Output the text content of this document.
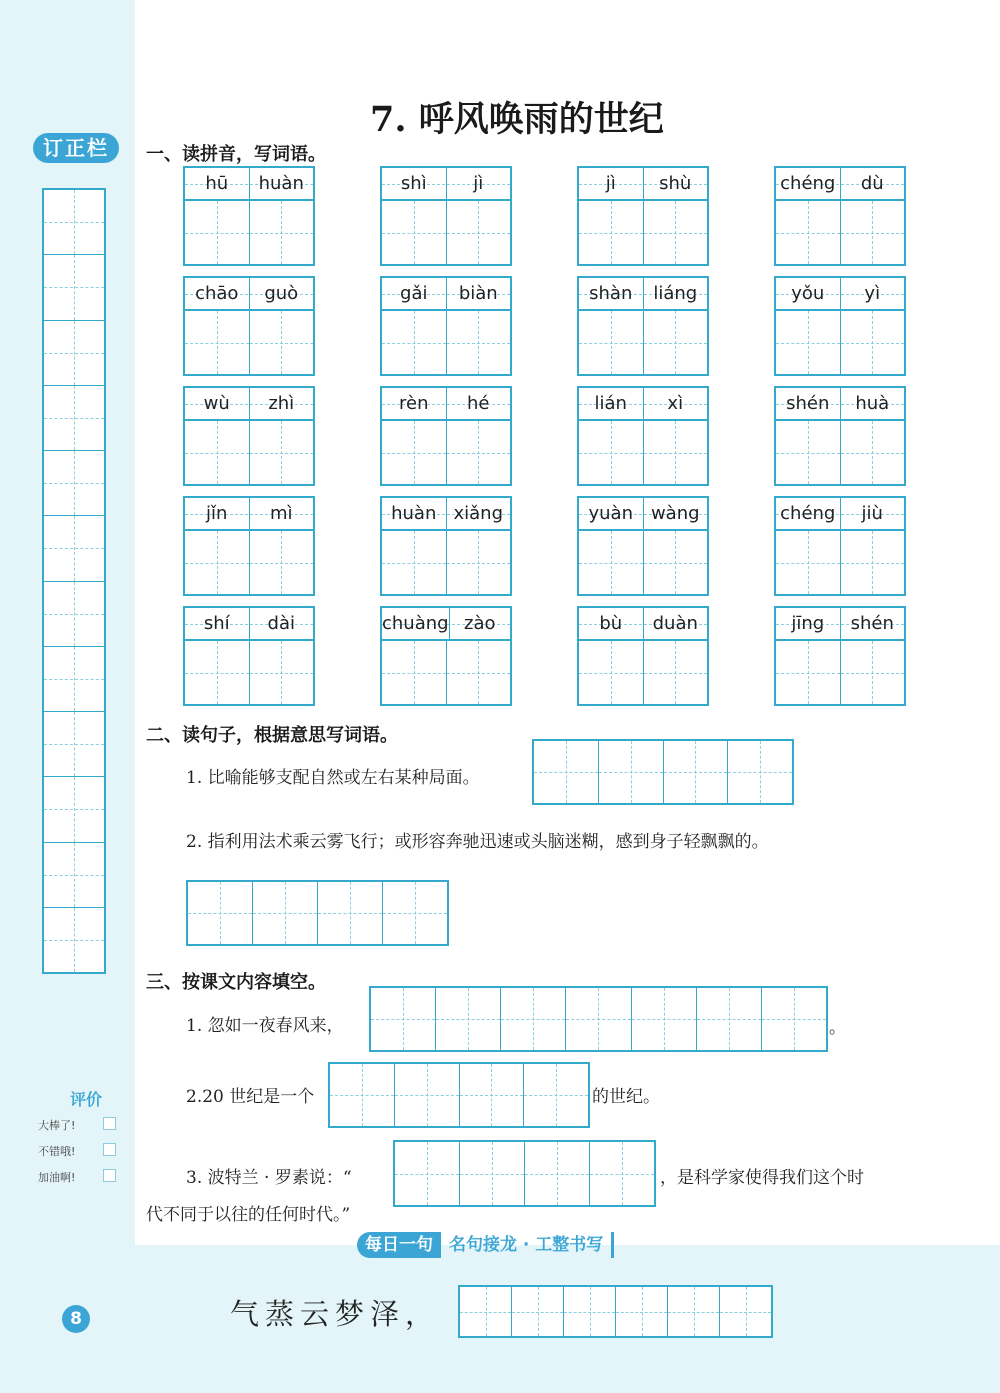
订正栏
7. 呼风唤雨的世纪
一、读拼音，写词语。
二、读句子，根据意思写词语。
1. 比喻能够支配自然或左右某种局面。
2. 指利用法术乘云雾飞行；或形容奔驰迅速或头脑迷糊，感到身子轻飘飘的。
三、按课文内容填空。
1. 忽如一夜春风来，	。
2.20 世纪是一个	的世纪。
3. 波特兰 · 罗素说：“	，是科学家使得我们这个时
代不同于以往的任何时代。”
评价
大棒了!
不错哦!
加油啊!
每日一句 名句接龙 · 工整书写
气蒸云梦泽，
8
hū	huàn	shì	jì	jì	shù	chéng	dù
chāo	guò	gǎi	biàn	shàn	liáng	yǒu	yì
wù	zhì	rèn	hé	lián	xì	shén	huà
jǐn	mì	huàn xiǎng	yuàn wàng	chéng	jiù
shí	dài	chuàng zào	bù	duàn	jīng	shén
